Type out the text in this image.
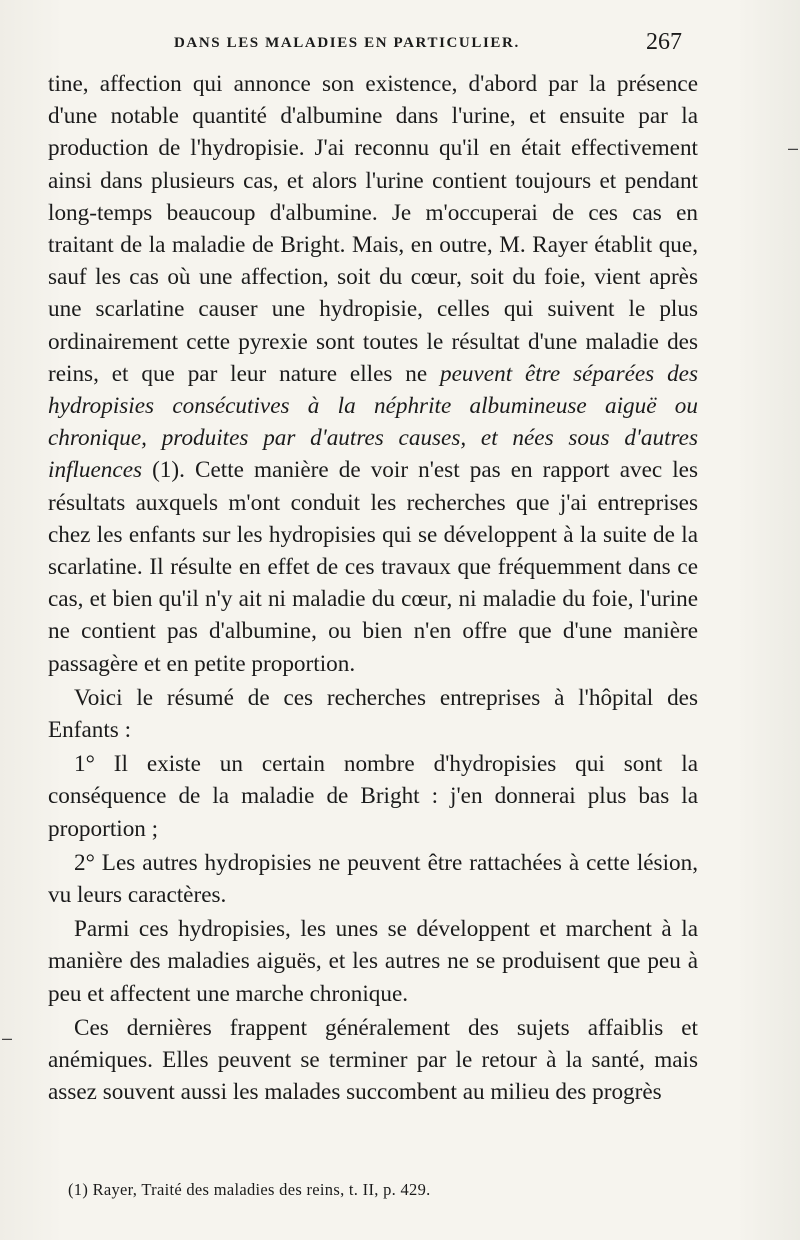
DANS LES MALADIES EN PARTICULIER.	267

tine, affection qui annonce son existence, d'abord par la présence d'une notable quantité d'albumine dans l'urine, et ensuite par la production de l'hydropisie. J'ai reconnu qu'il en était effectivement ainsi dans plusieurs cas, et alors l'urine contient toujours et pendant long-temps beaucoup d'albumine. Je m'occuperai de ces cas en traitant de la maladie de Bright. Mais, en outre, M. Rayer établit que, sauf les cas où une affection, soit du cœur, soit du foie, vient après une scarlatine causer une hydropisie, celles qui suivent le plus ordinairement cette pyrexie sont toutes le résultat d'une maladie des reins, et que par leur nature elles ne peuvent être séparées des hydropisies consécutives à la néphrite albumineuse aiguë ou chronique, produites par d'autres causes, et nées sous d'autres influences (1). Cette manière de voir n'est pas en rapport avec les résultats auxquels m'ont conduit les recherches que j'ai entreprises chez les enfants sur les hydropisies qui se développent à la suite de la scarlatine. Il résulte en effet de ces travaux que fréquemment dans ce cas, et bien qu'il n'y ait ni maladie du cœur, ni maladie du foie, l'urine ne contient pas d'albumine, ou bien n'en offre que d'une manière passagère et en petite proportion.

Voici le résumé de ces recherches entreprises à l'hôpital des Enfants :

1° Il existe un certain nombre d'hydropisies qui sont la conséquence de la maladie de Bright : j'en donnerai plus bas la proportion ;

2° Les autres hydropisies ne peuvent être rattachées à cette lésion, vu leurs caractères.

Parmi ces hydropisies, les unes se développent et marchent à la manière des maladies aiguës, et les autres ne se produisent que peu à peu et affectent une marche chronique.

Ces dernières frappent généralement des sujets affaiblis et anémiques. Elles peuvent se terminer par le retour à la santé, mais assez souvent aussi les malades succombent au milieu des progrès

(1) Rayer, Traité des maladies des reins, t. II, p. 429.
–
–
